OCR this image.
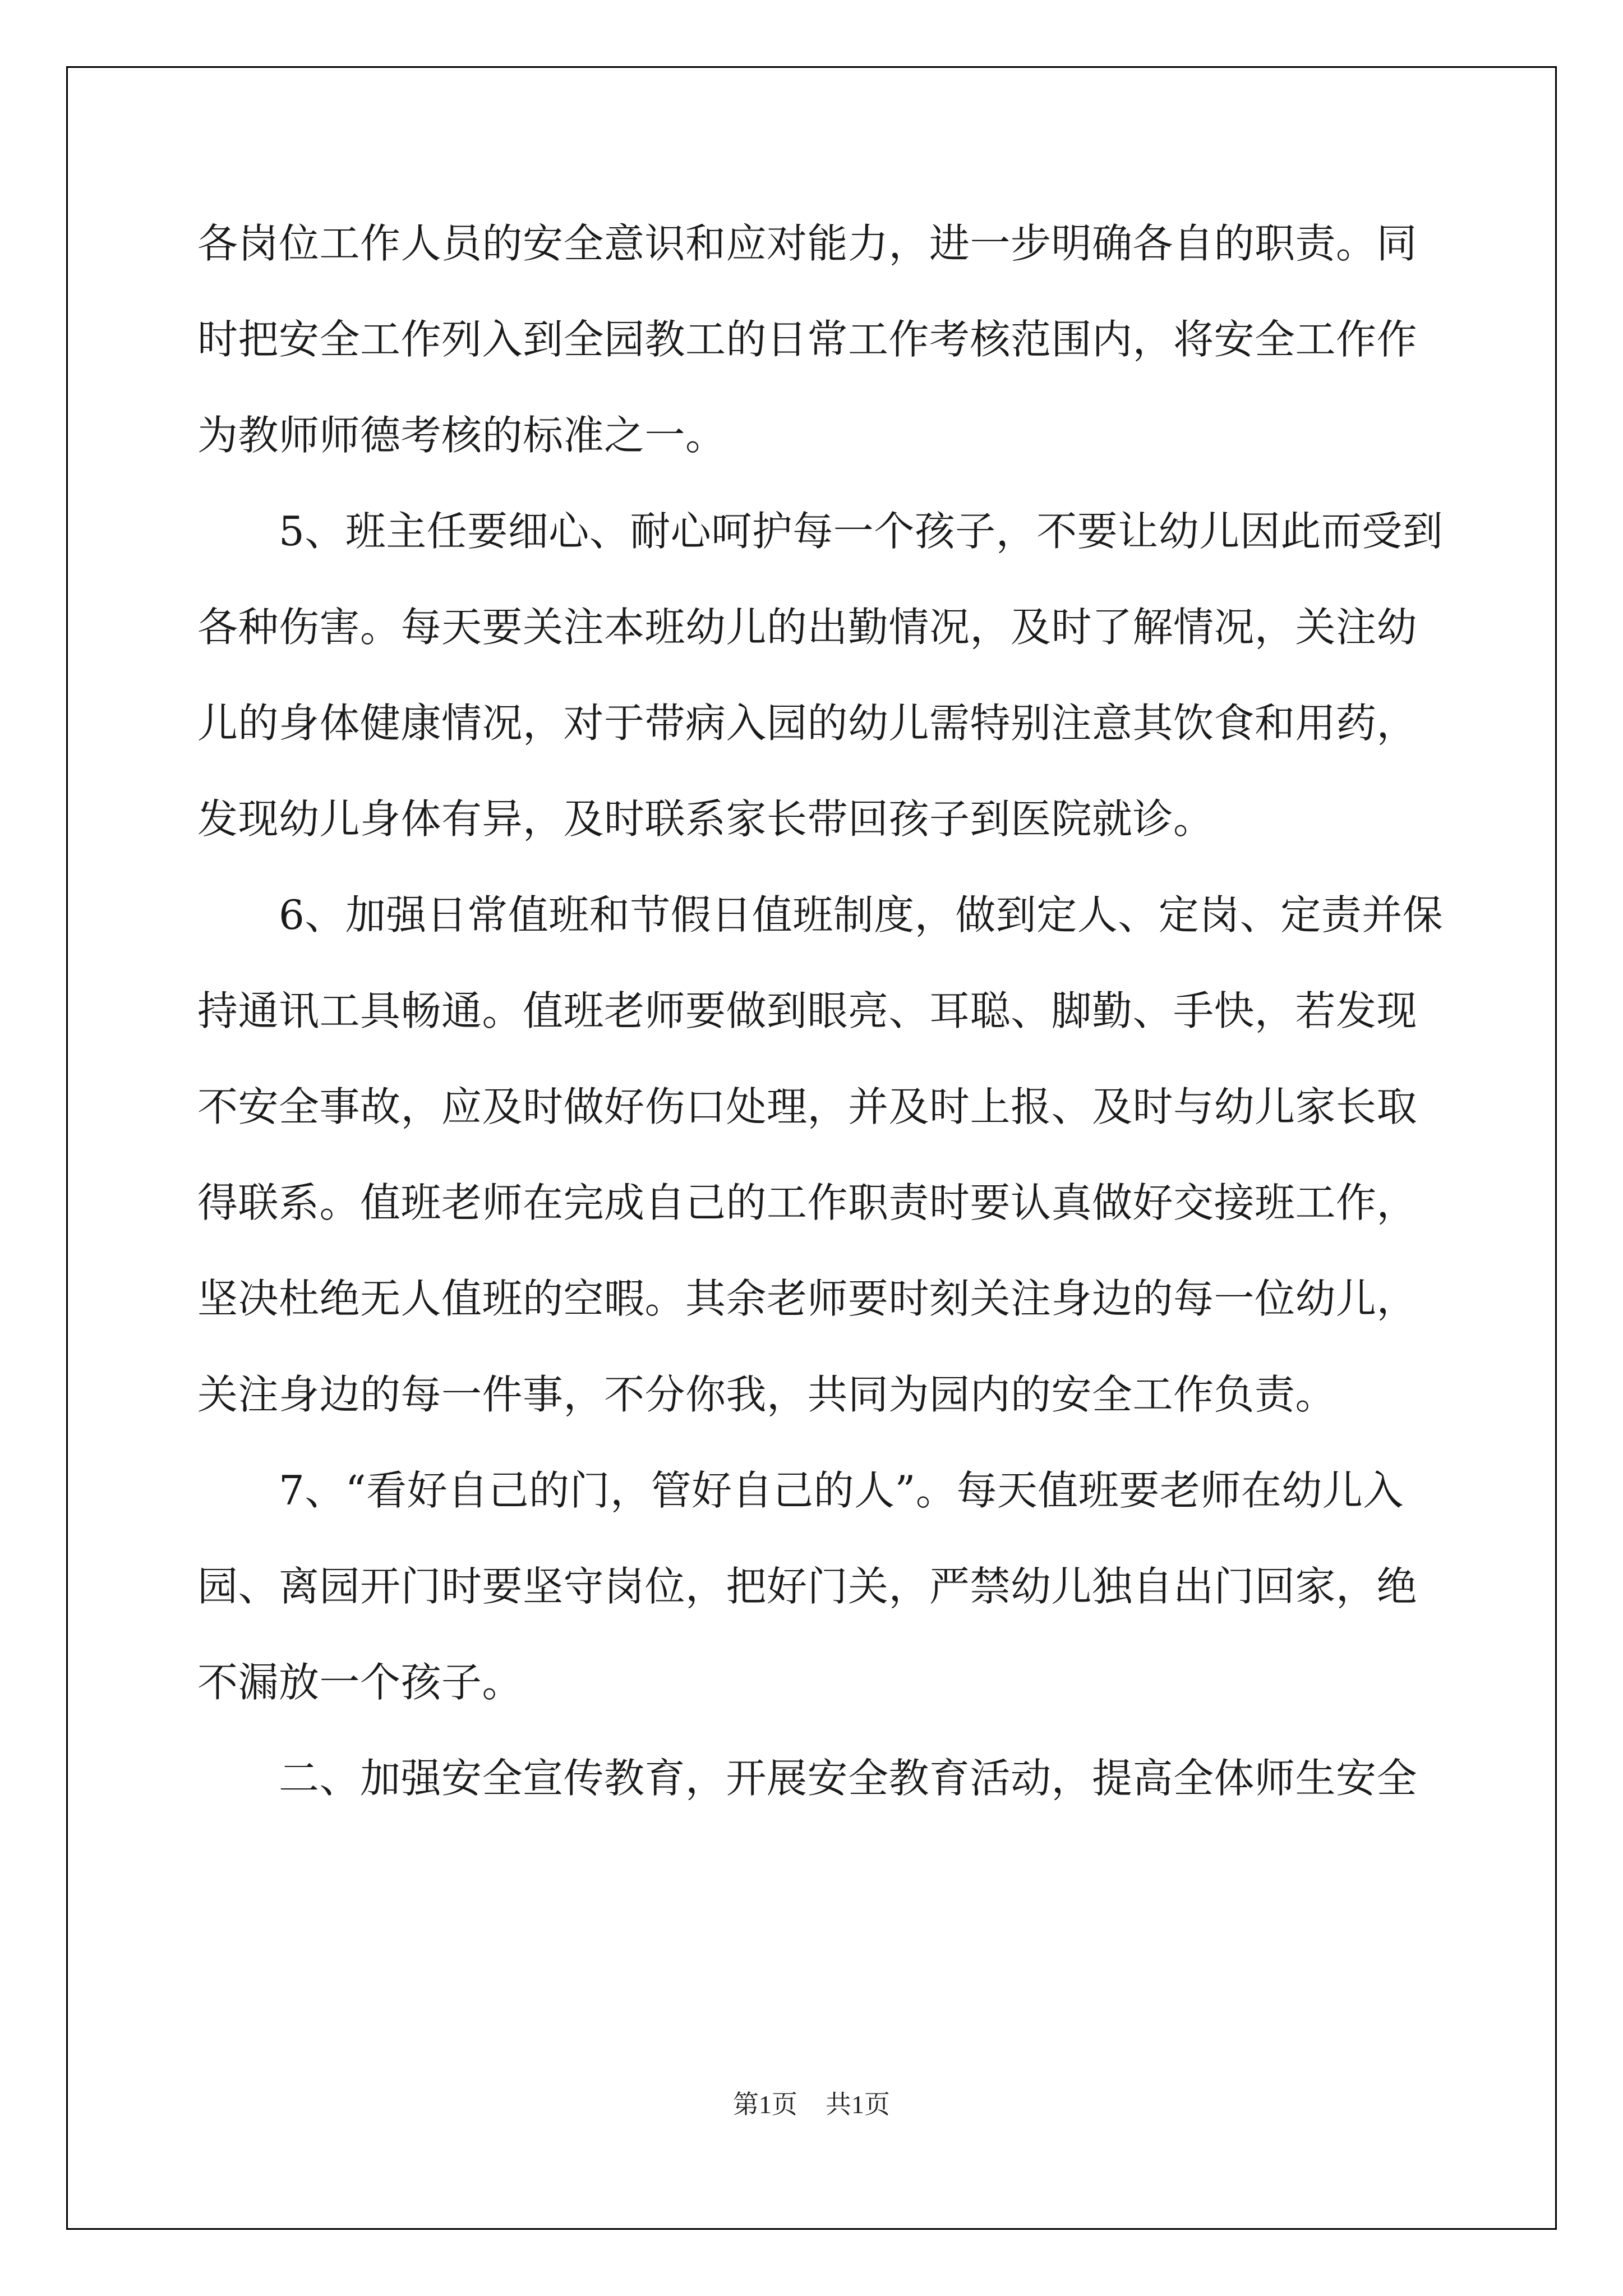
各岗位工作人员的安全意识和应对能力，进一步明确各自的职责。同
时把安全工作列入到全园教工的日常工作考核范围内，将安全工作作
为教师师德考核的标准之一。
　　5、班主任要细心、耐心呵护每一个孩子，不要让幼儿因此而受到
各种伤害。每天要关注本班幼儿的出勤情况，及时了解情况，关注幼
儿的身体健康情况，对于带病入园的幼儿需特别注意其饮食和用药，
发现幼儿身体有异，及时联系家长带回孩子到医院就诊。
　　6、加强日常值班和节假日值班制度，做到定人、定岗、定责并保
持通讯工具畅通。值班老师要做到眼亮、耳聪、脚勤、手快，若发现
不安全事故，应及时做好伤口处理，并及时上报、及时与幼儿家长取
得联系。值班老师在完成自己的工作职责时要认真做好交接班工作，
坚决杜绝无人值班的空暇。其余老师要时刻关注身边的每一位幼儿，
关注身边的每一件事，不分你我，共同为园内的安全工作负责。
　　7、“看好自己的门，管好自己的人”。每天值班要老师在幼儿入
园、离园开门时要坚守岗位，把好门关，严禁幼儿独自出门回家，绝
不漏放一个孩子。
　　二、加强安全宣传教育，开展安全教育活动，提高全体师生安全
第1页 共1页
